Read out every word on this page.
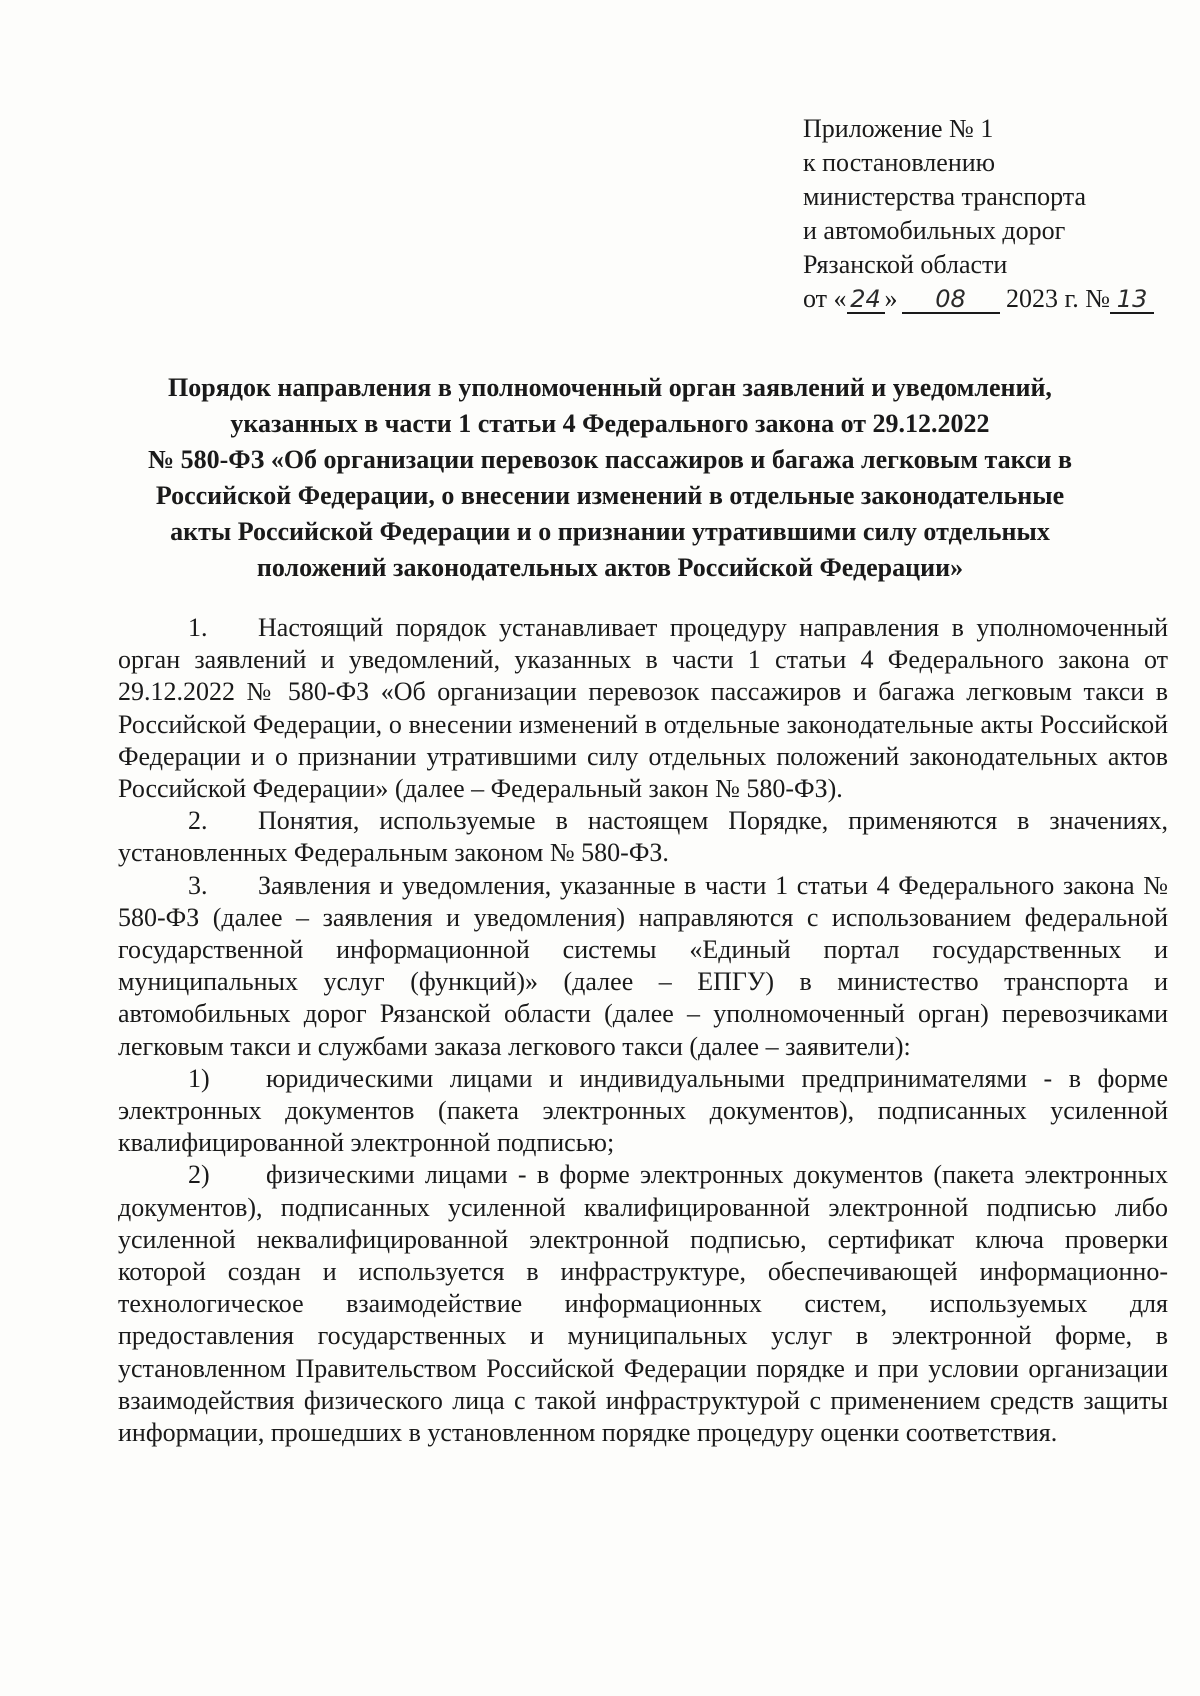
Приложение № 1
к постановлению
министерства транспорта
и автомобильных дорог
Рязанской области
от « 24 » 08 2023 г. № 13
Порядок направления в уполномоченный орган заявлений и уведомлений,
указанных в части 1 статьи 4 Федерального закона от 29.12.2022
№ 580-ФЗ «Об организации перевозок пассажиров и багажа легковым такси в
Российской Федерации, о внесении изменений в отдельные законодательные
акты Российской Федерации и о признании утратившими силу отдельных
положений законодательных актов Российской Федерации»

1. Настоящий порядок устанавливает процедуру направления в уполномоченный орган заявлений и уведомлений, указанных в части 1 статьи 4 Федерального закона от 29.12.2022 № 580-ФЗ «Об организации перевозок пассажиров и багажа легковым такси в Российской Федерации, о внесении изменений в отдельные законодательные акты Российской Федерации и о признании утратившими силу отдельных положений законодательных актов Российской Федерации» (далее – Федеральный закон № 580-ФЗ).

2. Понятия, используемые в настоящем Порядке, применяются в значениях, установленных Федеральным законом № 580-ФЗ.

3. Заявления и уведомления, указанные в части 1 статьи 4 Федерального закона № 580-ФЗ (далее – заявления и уведомления) направляются с использованием федеральной государственной информационной системы «Единый портал государственных и муниципальных услуг (функций)» (далее – ЕПГУ) в министество транспорта и автомобильных дорог Рязанской области (далее – уполномоченный орган) перевозчиками легковым такси и службами заказа легкового такси (далее – заявители):

1) юридическими лицами и индивидуальными предпринимателями - в форме электронных документов (пакета электронных документов), подписанных усиленной квалифицированной электронной подписью;

2) физическими лицами - в форме электронных документов (пакета электронных документов), подписанных усиленной квалифицированной электронной подписью либо усиленной неквалифицированной электронной подписью, сертификат ключа проверки которой создан и используется в инфраструктуре, обеспечивающей информационно-технологическое взаимодействие информационных систем, используемых для предоставления государственных и муниципальных услуг в электронной форме, в установленном Правительством Российской Федерации порядке и при условии организации взаимодействия физического лица с такой инфраструктурой с применением средств защиты информации, прошедших в установленном порядке процедуру оценки соответствия.
